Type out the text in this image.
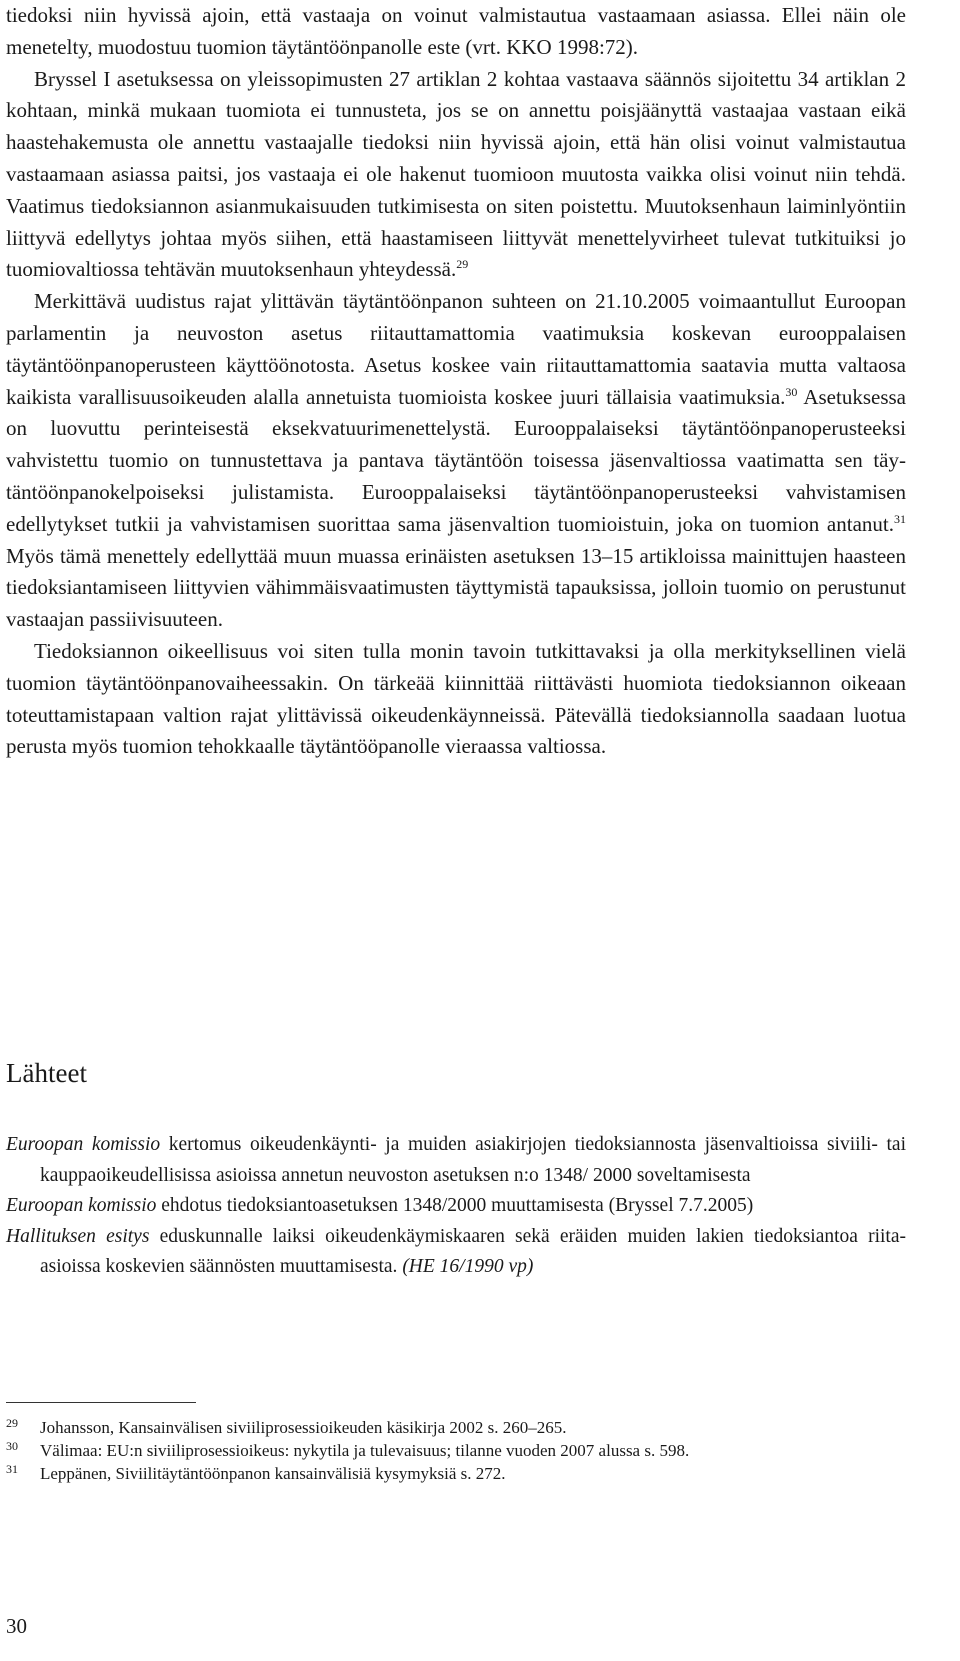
tiedoksi niin hyvissä ajoin, että vastaaja on voinut valmistautua vastaamaan asiassa. Ellei näin ole menetelty, muodostuu tuomion täytäntöönpanolle este (vrt. KKO 1998:72).

Bryssel I asetuksessa on yleissopimusten 27 artiklan 2 kohtaa vastaava säännös sijoitettu 34 artiklan 2 kohtaan, minkä mukaan tuomiota ei tunnusteta, jos se on annettu poisjäänyttä vastaajaa vastaan eikä haastehakemusta ole annettu vastaajalle tiedoksi niin hyvissä ajoin, että hän olisi voinut valmistautua vastaamaan asiassa paitsi, jos vastaaja ei ole hakenut tuomioon muutosta vaikka olisi voinut niin tehdä. Vaatimus tiedoksiannon asianmukaisuuden tutkimisesta on siten poistettu. Muutoksenhaun laiminlyöntiin liittyvä edellytys johtaa myös siihen, että haastamiseen liittyvät menettelyvirheet tulevat tutkituiksi jo tuomiovaltiossa tehtävän muutoksenhaun yhteydessä.$^{29}$

Merkittävä uudistus rajat ylittävän täytäntöönpanon suhteen on 21.10.2005 voimaantullut Euroopan parlamentin ja neuvoston asetus riitauttamattomia vaatimuksia koskevan eurooppalaisen täytäntöönpanoperusteen käyttöönotosta. Asetus koskee vain riitauttamattomia saatavia mutta valtaosa kaikista varallisuusoikeuden alalla annetuista tuomioista koskee juuri tällaisia vaatimuksia.$^{30}$ Asetuksessa on luovuttu perinteisestä eksekvatuurimenettelystä. Eurooppalaiseksi täytäntöönpanoperusteeksi vahvistettu tuomio on tunnustettava ja pantava täytäntöön toisessa jäsenvaltiossa vaatimatta sen täytäntöönpanokelpoiseksi julistamista. Eurooppalaiseksi täytäntöönpanoperusteeksi vahvistamisen edellytykset tutkii ja vahvistamisen suorittaa sama jäsenvaltion tuomioistuin, joka on tuomion antanut.$^{31}$ Myös tämä menettely edellyttää muun muassa erinäisten asetuksen 13–15 artikloissa mainittujen haasteen tiedoksiantamiseen liittyvien vähimmäisvaatimusten täyttymistä tapauksissa, jolloin tuomio on perustunut vastaajan passiivisuuteen.

Tiedoksiannon oikeellisuus voi siten tulla monin tavoin tutkittavaksi ja olla merkityksellinen vielä tuomion täytäntöönpanovaiheessakin. On tärkeää kiinnittää riittävästi huomiota tiedoksiannon oikeaan toteuttamistapaan valtion rajat ylittävissä oikeudenkäynneissä. Pätevällä tiedoksiannolla saadaan luotua perusta myös tuomion tehokkaalle täytäntööpanolle vieraassa valtiossa.

Lähteet

Euroopan komissio kertomus oikeudenkäynti- ja muiden asiakirjojen tiedoksiannosta jäsenvaltioissa siviili- tai kauppaoikeudellisissa asioissa annetun neuvoston asetuksen n:o 1348/ 2000 soveltamisesta

Euroopan komissio ehdotus tiedoksiantoasetuksen 1348/2000 muuttamisesta (Bryssel 7.7.2005)

Hallituksen esitys eduskunnalle laiksi oikeudenkäymiskaaren sekä eräiden muiden lakien tiedoksiantoa riita-asioissa koskevien säännösten muuttamisesta. (HE 16/1990 vp)

29 Johansson, Kansainvälisen siviiliprosessioikeuden käsikirja 2002 s. 260–265.

30 Välimaa: EU:n siviiliprosessioikeus: nykytila ja tulevaisuus; tilanne vuoden 2007 alussa s. 598.

31 Leppänen, Siviilitäytäntöönpanon kansainvälisiä kysymyksiä s. 272.

30
